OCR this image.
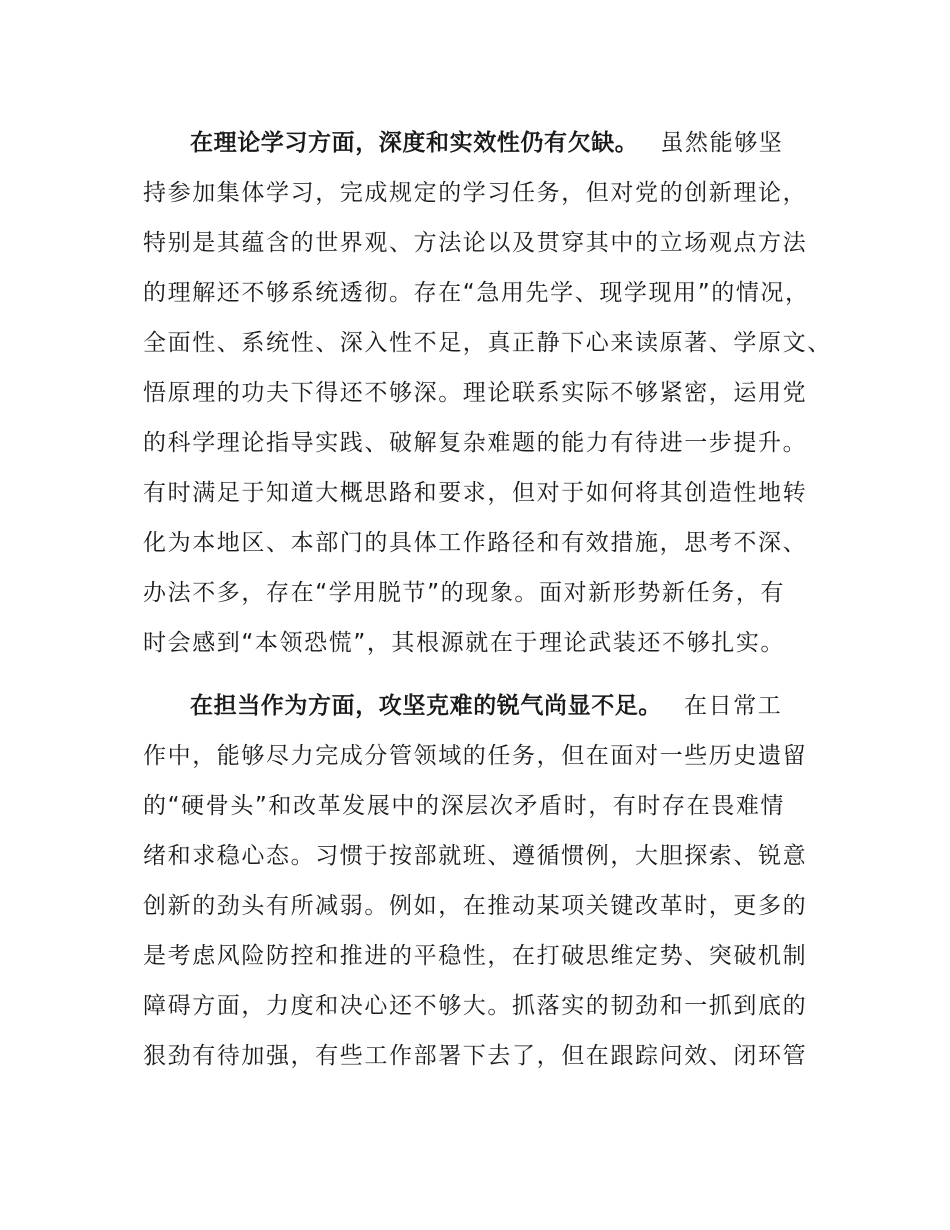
在理论学习方面，深度和实效性仍有欠缺。 虽然能够坚
持参加集体学习，完成规定的学习任务，但对党的创新理论，
特别是其蕴含的世界观、方法论以及贯穿其中的立场观点方法
的理解还不够系统透彻。存在“急用先学、现学现用”的情况，
全面性、系统性、深入性不足，真正静下心来读原著、学原文、
悟原理的功夫下得还不够深。理论联系实际不够紧密，运用党
的科学理论指导实践、破解复杂难题的能力有待进一步提升。
有时满足于知道大概思路和要求，但对于如何将其创造性地转
化为本地区、本部门的具体工作路径和有效措施，思考不深、
办法不多，存在“学用脱节”的现象。面对新形势新任务，有
时会感到“本领恐慌”，其根源就在于理论武装还不够扎实。
在担当作为方面，攻坚克难的锐气尚显不足。 在日常工
作中，能够尽力完成分管领域的任务，但在面对一些历史遗留
的“硬骨头”和改革发展中的深层次矛盾时，有时存在畏难情
绪和求稳心态。习惯于按部就班、遵循惯例，大胆探索、锐意
创新的劲头有所减弱。例如，在推动某项关键改革时，更多的
是考虑风险防控和推进的平稳性，在打破思维定势、突破机制
障碍方面，力度和决心还不够大。抓落实的韧劲和一抓到底的
狠劲有待加强，有些工作部署下去了，但在跟踪问效、闭环管
